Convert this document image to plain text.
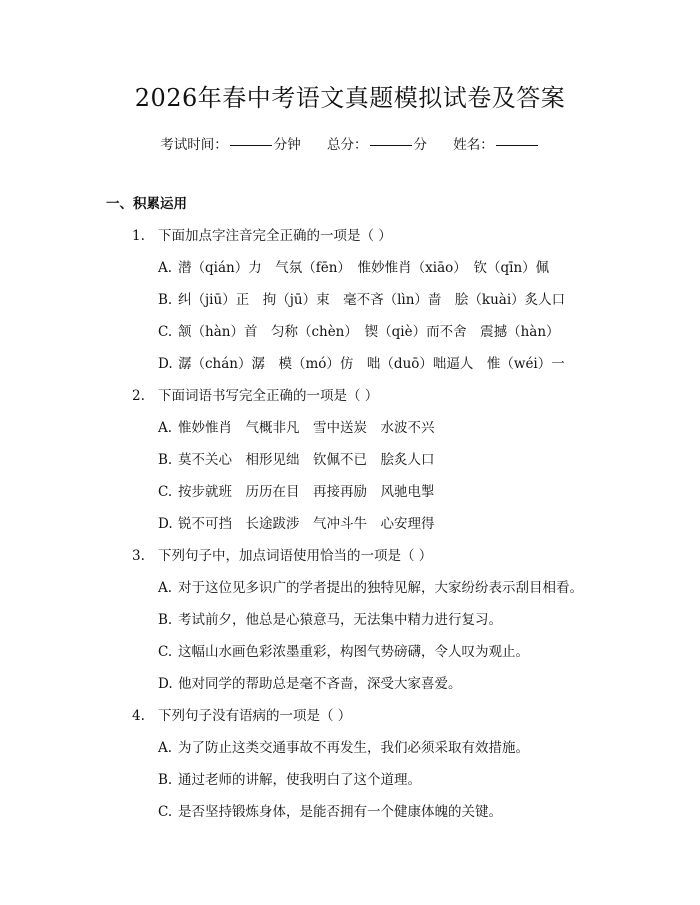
2026年春中考语文真题模拟试卷及答案
考试时间：	分钟 总分：	分 姓名：
一、积累运用
1. 下面加点字注音完全正确的一项是（ ）
A. 潜（qián）力　气氛（fēn）　惟妙惟肖（xiāo）　钦（qīn）佩
B. 纠（jiū）正　拘（jū）束　毫不吝（lìn）啬　脍（kuài）炙人口
C. 颔（hàn）首　匀称（chèn）　锲（qiè）而不舍　震撼（hàn）
D. 潺（chán）潺　模（mó）仿　咄（duō）咄逼人　惟（wéi）一
2. 下面词语书写完全正确的一项是（ ）
A. 惟妙惟肖　气概非凡　雪中送炭　水波不兴
B. 莫不关心　相形见绌　钦佩不已　脍炙人口
C. 按步就班　历历在目　再接再励　风驰电掣
D. 锐不可挡　长途跋涉　气冲斗牛　心安理得
3. 下列句子中，加点词语使用恰当的一项是（ ）
A. 对于这位见多识广的学者提出的独特见解，大家纷纷表示刮目相看。
B. 考试前夕，他总是心猿意马，无法集中精力进行复习。
C. 这幅山水画色彩浓墨重彩，构图气势磅礴，令人叹为观止。
D. 他对同学的帮助总是毫不吝啬，深受大家喜爱。
4. 下列句子没有语病的一项是（ ）
A. 为了防止这类交通事故不再发生，我们必须采取有效措施。
B. 通过老师的讲解，使我明白了这个道理。
C. 是否坚持锻炼身体，是能否拥有一个健康体魄的关键。
